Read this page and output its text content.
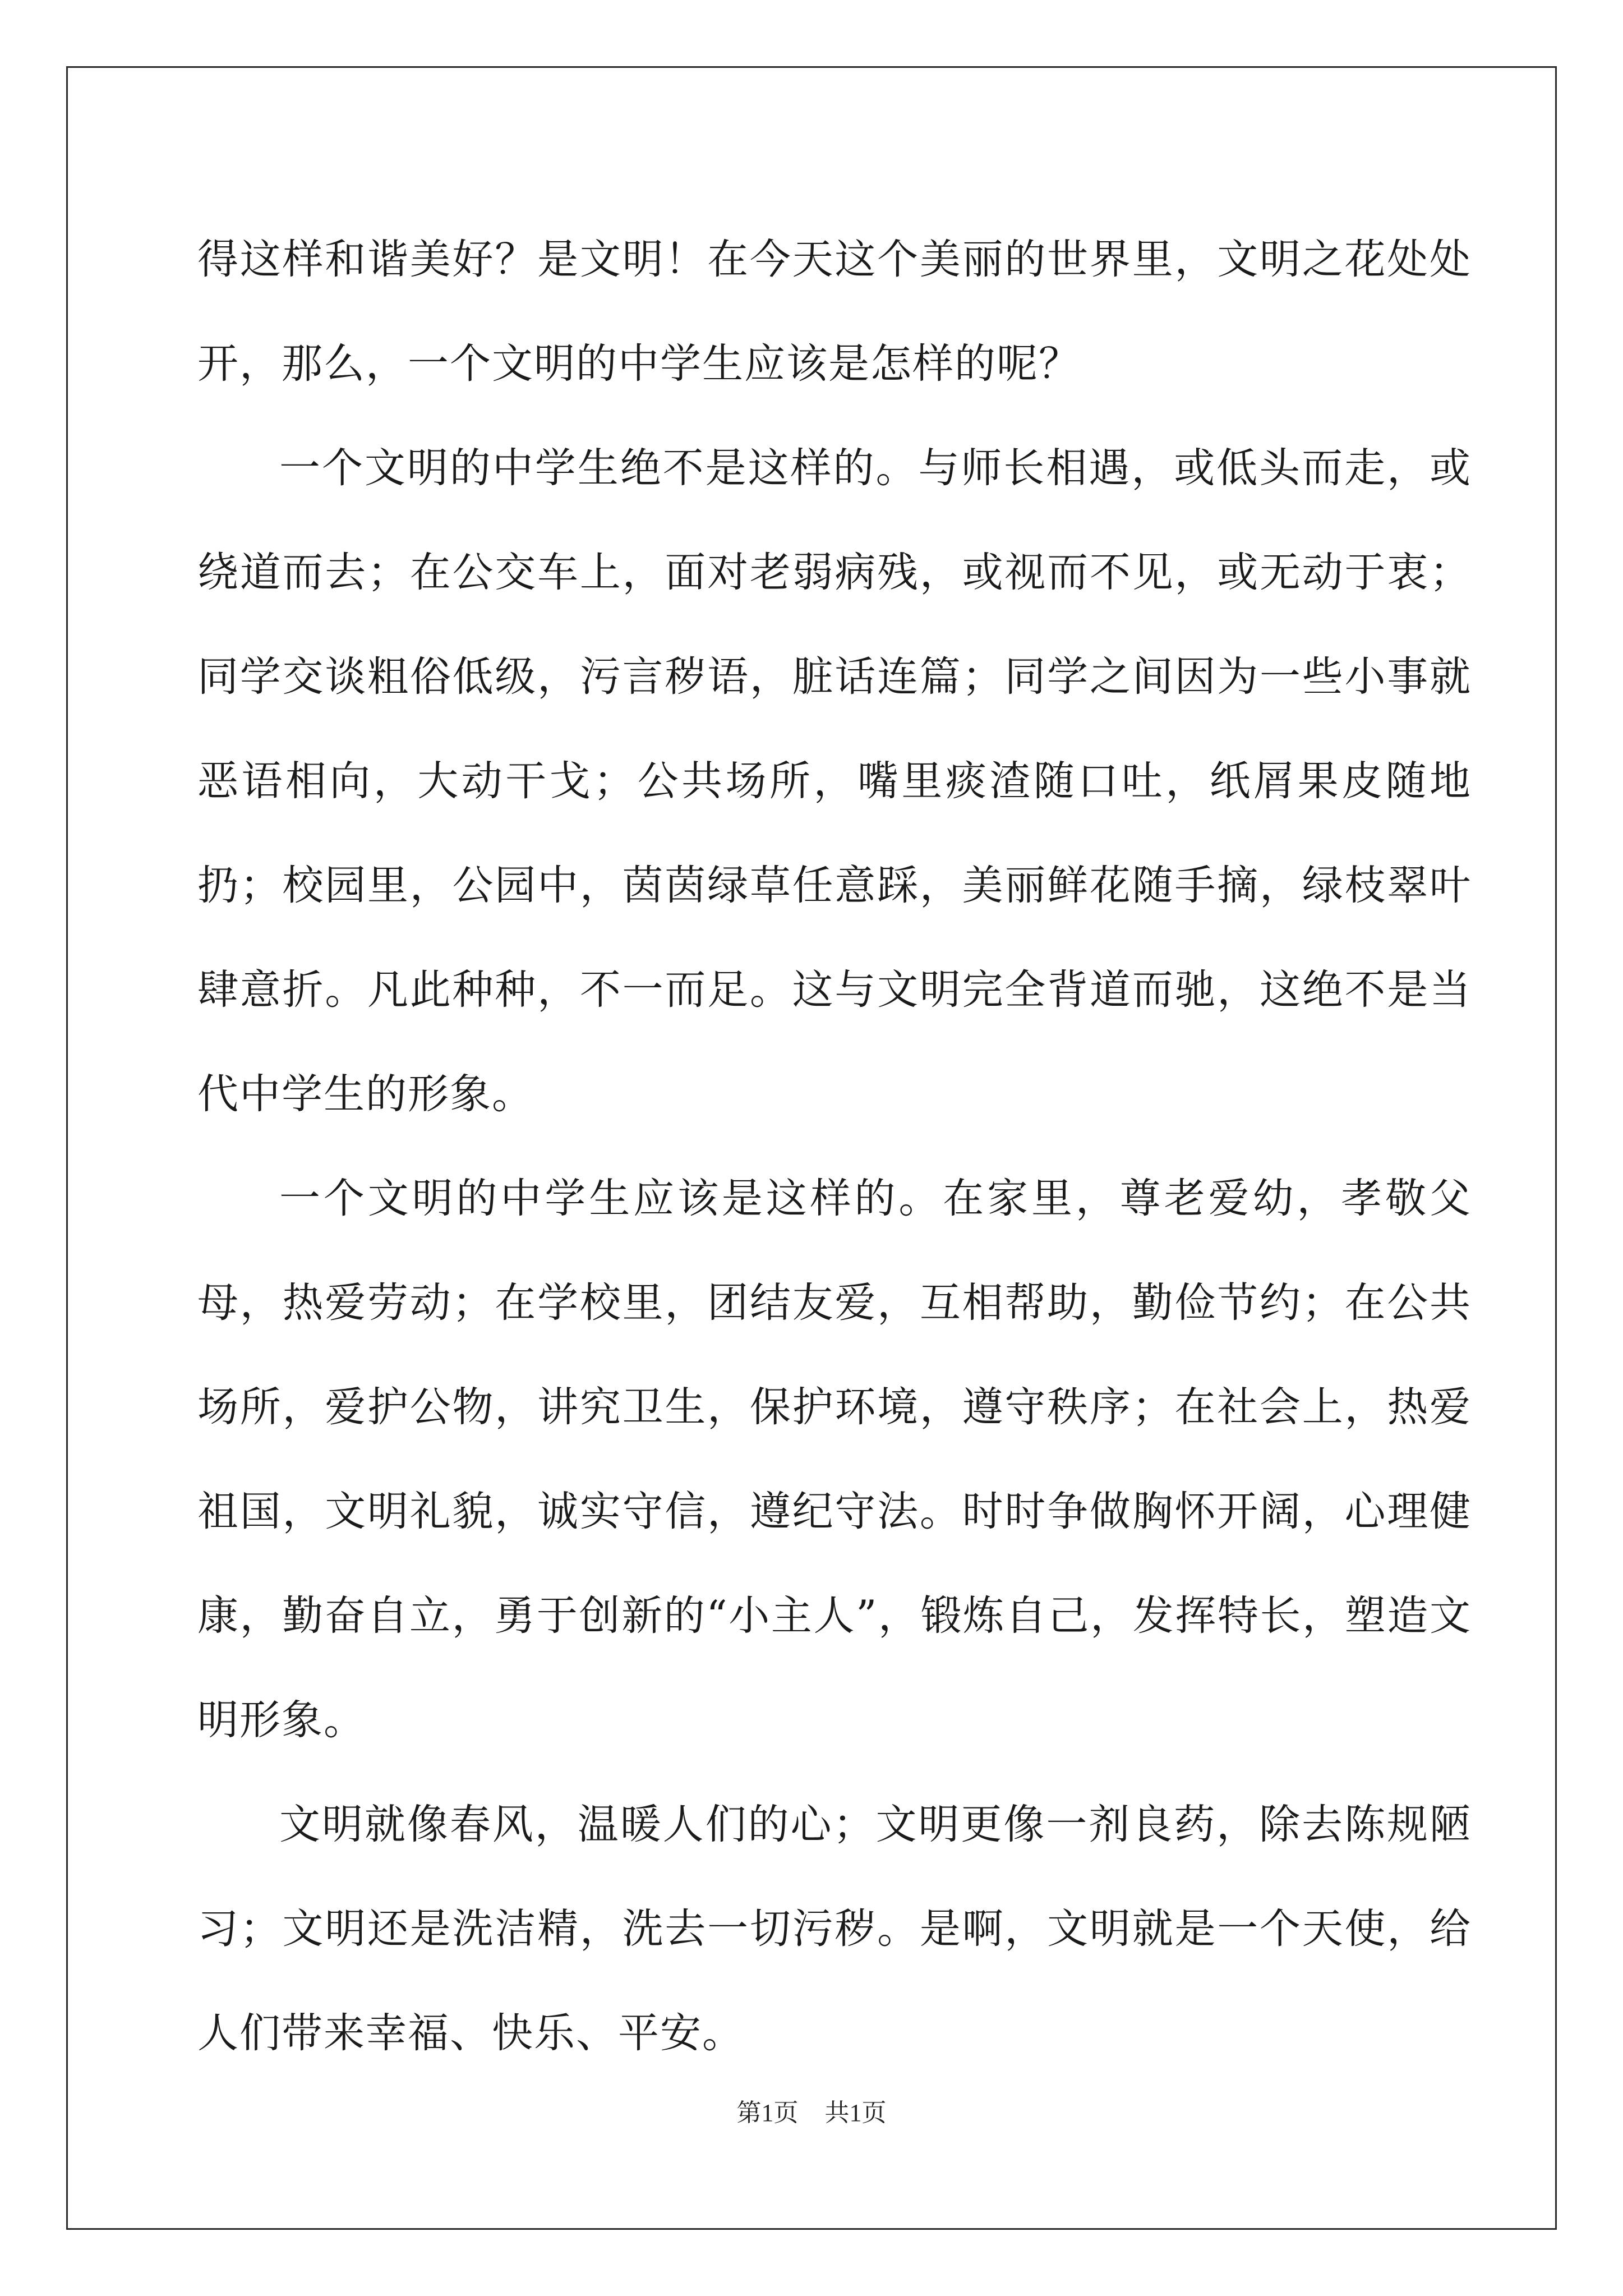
得这样和谐美好？是文明！在今天这个美丽的世界里，文明之花处处开，那么，一个文明的中学生应该是怎样的呢？

一个文明的中学生绝不是这样的。与师长相遇，或低头而走，或绕道而去；在公交车上，面对老弱病残，或视而不见，或无动于衷；同学交谈粗俗低级，污言秽语，脏话连篇；同学之间因为一些小事就恶语相向，大动干戈；公共场所，嘴里痰渣随口吐，纸屑果皮随地扔；校园里，公园中，茵茵绿草任意踩，美丽鲜花随手摘，绿枝翠叶肆意折。凡此种种，不一而足。这与文明完全背道而驰，这绝不是当代中学生的形象。

一个文明的中学生应该是这样的。在家里，尊老爱幼，孝敬父母，热爱劳动；在学校里，团结友爱，互相帮助，勤俭节约；在公共场所，爱护公物，讲究卫生，保护环境，遵守秩序；在社会上，热爱祖国，文明礼貌，诚实守信，遵纪守法。时时争做胸怀开阔，心理健康，勤奋自立，勇于创新的“小主人”，锻炼自己，发挥特长，塑造文明形象。

文明就像春风，温暖人们的心；文明更像一剂良药，除去陈规陋习；文明还是洗洁精，洗去一切污秽。是啊，文明就是一个天使，给人们带来幸福、快乐、平安。

第1页 共1页
